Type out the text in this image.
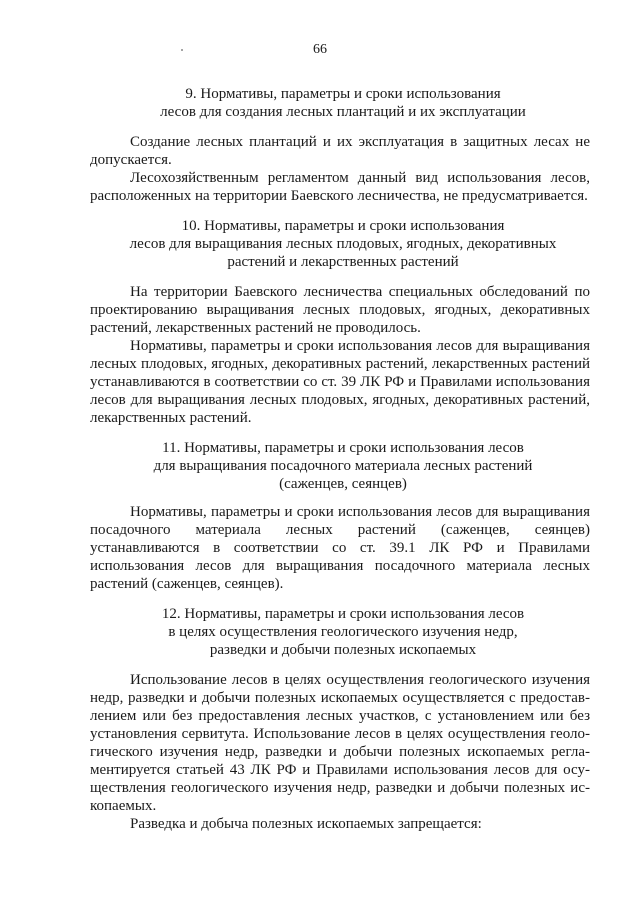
66
9. Нормативы, параметры и сроки использования
лесов для создания лесных плантаций и их эксплуатации
Создание лесных плантаций и их эксплуатация в защитных лесах не
допускается.
Лесохозяйственным регламентом данный вид использования лесов,
расположенных на территории Баевского лесничества, не предусматривается.
10. Нормативы, параметры и сроки использования
лесов для выращивания лесных плодовых, ягодных, декоративных
растений и лекарственных растений
На территории Баевского лесничества специальных обследований по
проектированию выращивания лесных плодовых, ягодных, декоративных
растений, лекарственных растений не проводилось.
Нормативы, параметры и сроки использования лесов для выращивания
лесных плодовых, ягодных, декоративных растений, лекарственных растений
устанавливаются в соответствии со ст. 39 ЛК РФ и Правилами использования
лесов для выращивания лесных плодовых, ягодных, декоративных растений,
лекарственных растений.
11. Нормативы, параметры и сроки использования лесов
для выращивания посадочного материала лесных растений
(саженцев, сеянцев)
Нормативы, параметры и сроки использования лесов для выращивания
посадочного материала лесных растений (саженцев, сеянцев)
устанавливаются в соответствии со ст. 39.1 ЛК РФ и Правилами
использования лесов для выращивания посадочного материала лесных
растений (саженцев, сеянцев).
12. Нормативы, параметры и сроки использования лесов
в целях осуществления геологического изучения недр,
разведки и добычи полезных ископаемых
Использование лесов в целях осуществления геологического изучения
недр, разведки и добычи полезных ископаемых осуществляется с предостав-
лением или без предоставления лесных участков, с установлением или без
установления сервитута. Использование лесов в целях осуществления геоло-
гического изучения недр, разведки и добычи полезных ископаемых регла-
ментируется статьей 43 ЛК РФ и Правилами использования лесов для осу-
ществления геологического изучения недр, разведки и добычи полезных ис-
копаемых.
Разведка и добыча полезных ископаемых запрещается:
